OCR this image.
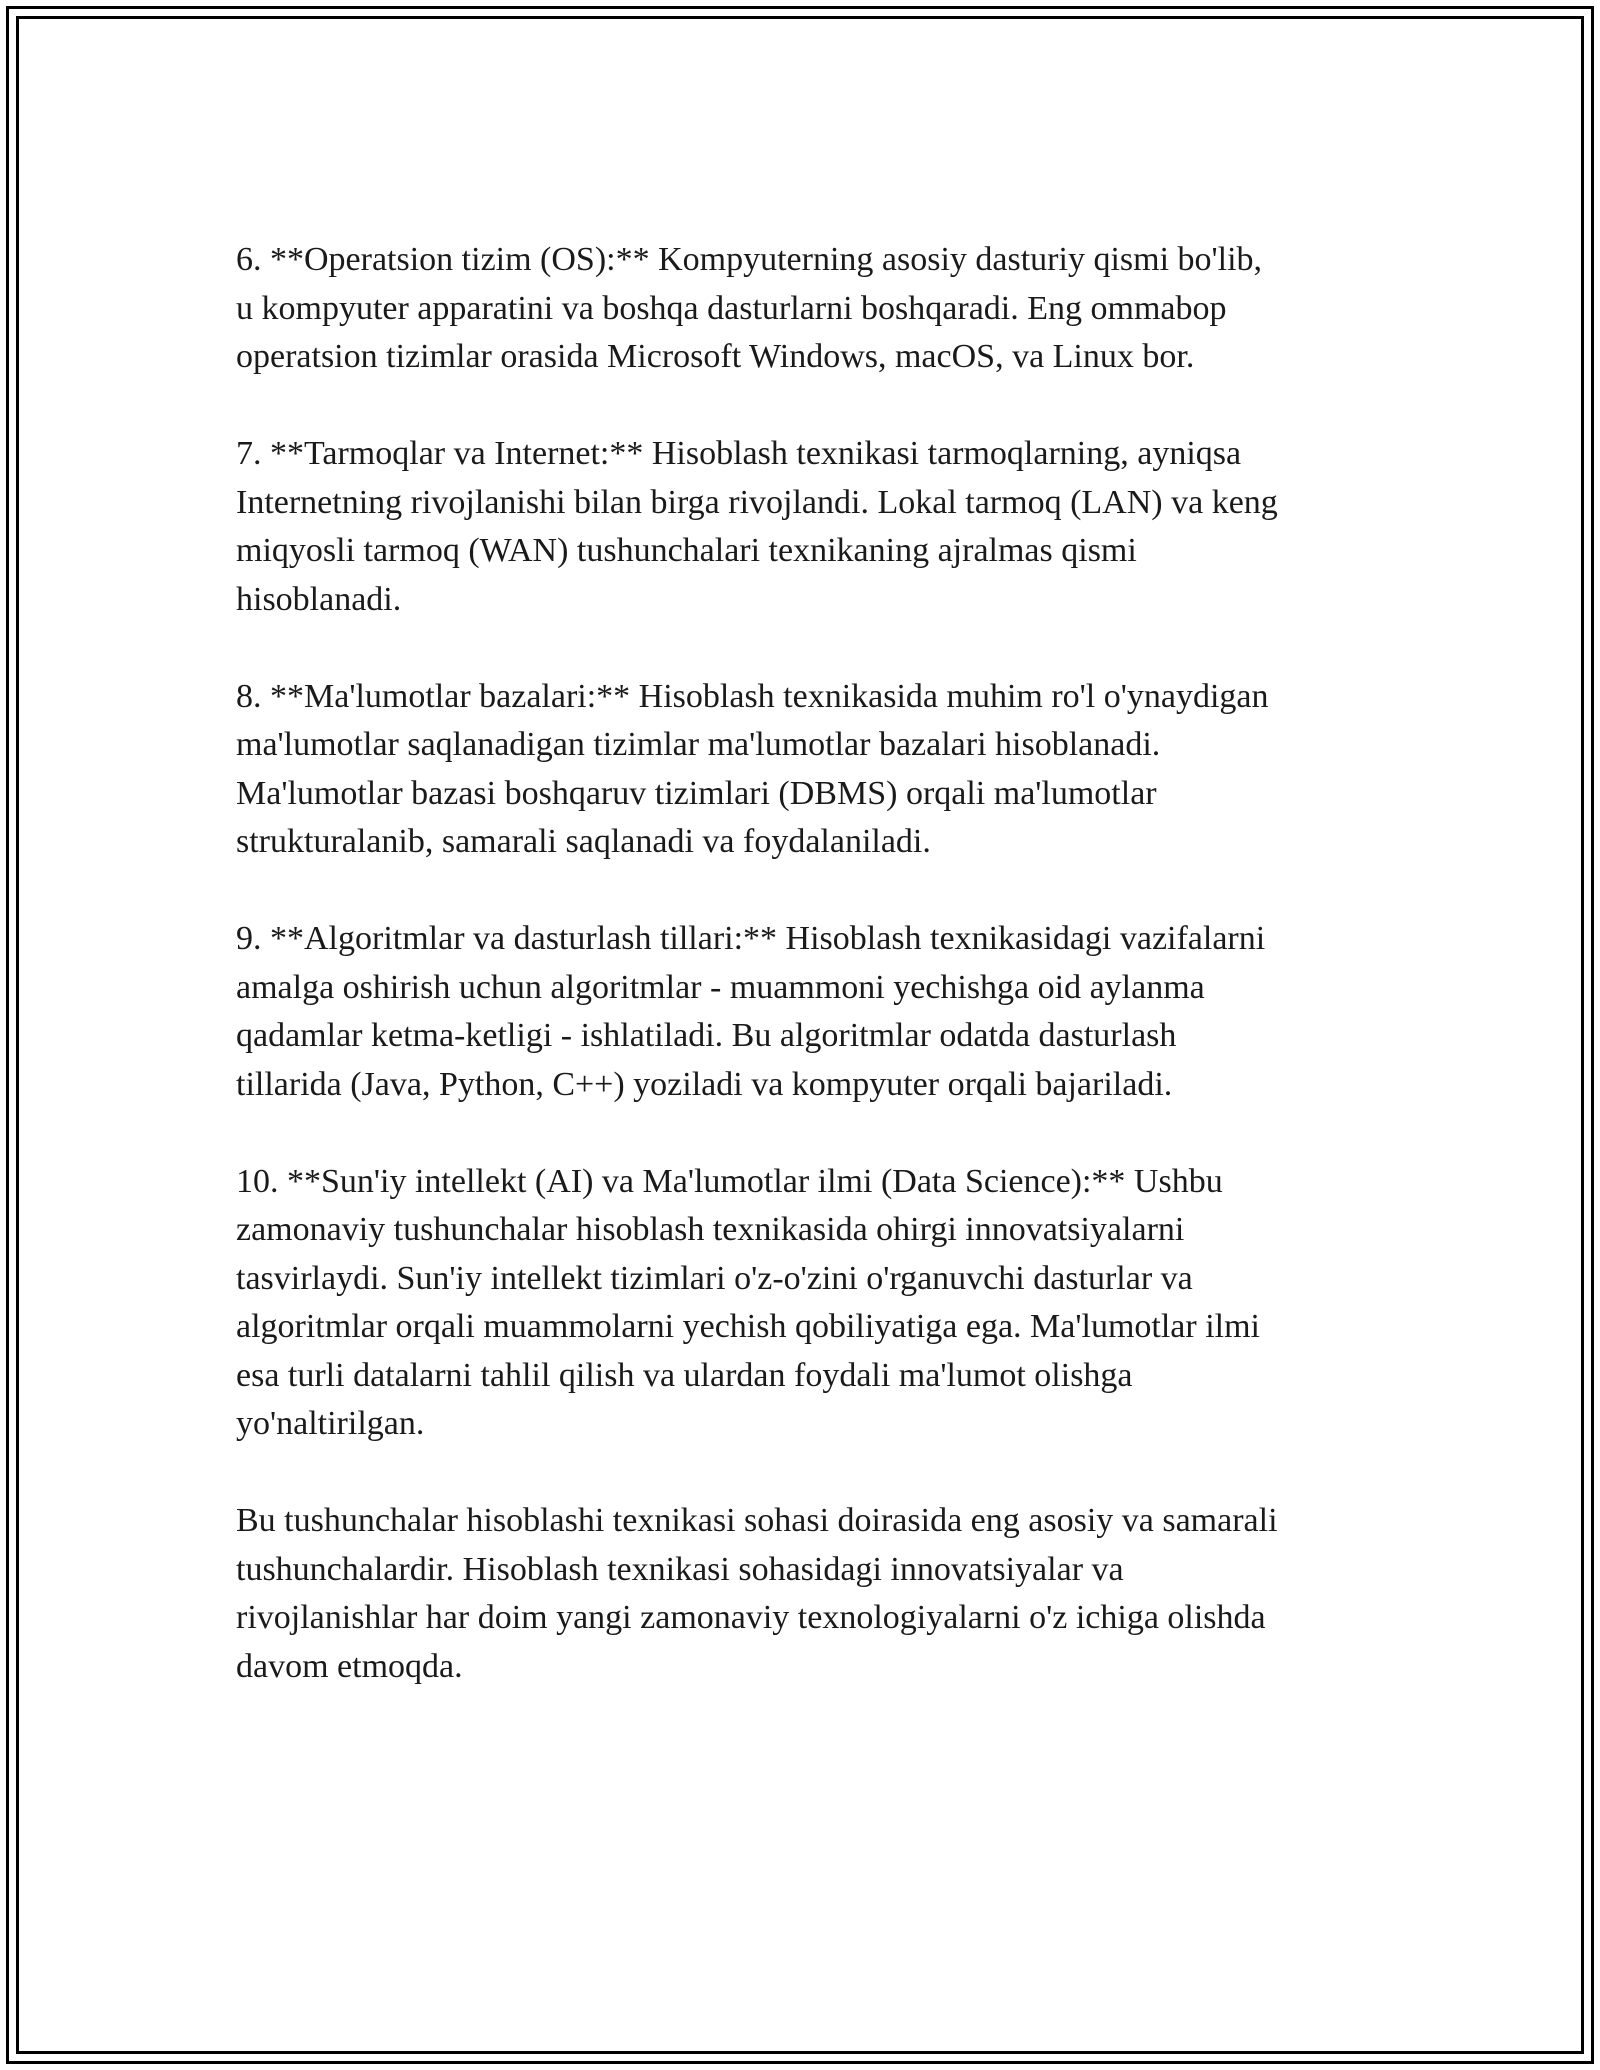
6. **Operatsion tizim (OS):** Kompyuterning asosiy dasturiy qismi bo'lib,
u kompyuter apparatini va boshqa dasturlarni boshqaradi. Eng ommabop
operatsion tizimlar orasida Microsoft Windows, macOS, va Linux bor.

7. **Tarmoqlar va Internet:** Hisoblash texnikasi tarmoqlarning, ayniqsa
Internetning rivojlanishi bilan birga rivojlandi. Lokal tarmoq (LAN) va keng
miqyosli tarmoq (WAN) tushunchalari texnikaning ajralmas qismi
hisoblanadi.

8. **Ma'lumotlar bazalari:** Hisoblash texnikasida muhim ro'l o'ynaydigan
ma'lumotlar saqlanadigan tizimlar ma'lumotlar bazalari hisoblanadi.
Ma'lumotlar bazasi boshqaruv tizimlari (DBMS) orqali ma'lumotlar
strukturalanib, samarali saqlanadi va foydalaniladi.

9. **Algoritmlar va dasturlash tillari:** Hisoblash texnikasidagi vazifalarni
amalga oshirish uchun algoritmlar - muammoni yechishga oid aylanma
qadamlar ketma-ketligi - ishlatiladi. Bu algoritmlar odatda dasturlash
tillarida (Java, Python, C++) yoziladi va kompyuter orqali bajariladi.

10. **Sun'iy intellekt (AI) va Ma'lumotlar ilmi (Data Science):** Ushbu
zamonaviy tushunchalar hisoblash texnikasida ohirgi innovatsiyalarni
tasvirlaydi. Sun'iy intellekt tizimlari o'z-o'zini o'rganuvchi dasturlar va
algoritmlar orqali muammolarni yechish qobiliyatiga ega. Ma'lumotlar ilmi
esa turli datalarni tahlil qilish va ulardan foydali ma'lumot olishga
yo'naltirilgan.

Bu tushunchalar hisoblashi texnikasi sohasi doirasida eng asosiy va samarali
tushunchalardir. Hisoblash texnikasi sohasidagi innovatsiyalar va
rivojlanishlar har doim yangi zamonaviy texnologiyalarni o'z ichiga olishda
davom etmoqda.
